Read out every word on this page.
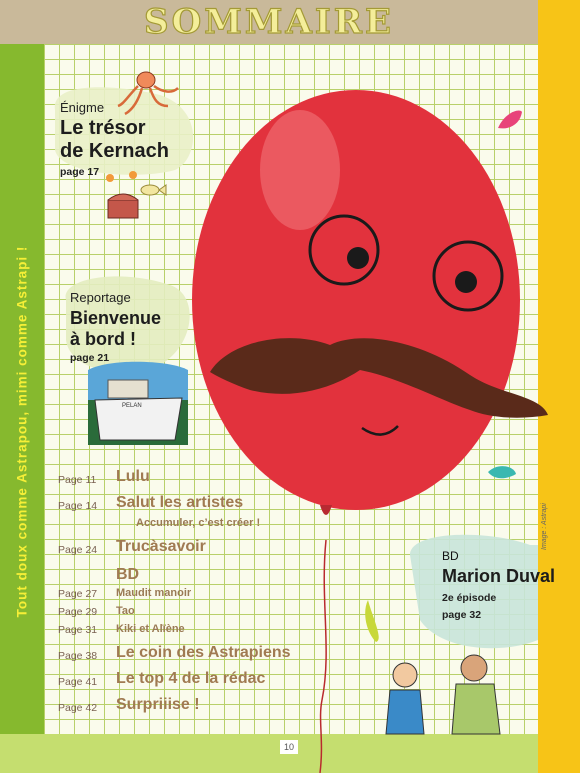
SOMMAIRE
Tout doux comme Astrapou, mimi comme Astrapi !
10
Image : Astrapi
Énigme
Le trésor
de Kernach
page 17
Reportage
Bienvenue
à bord !
page 21
PELAN
BD
Marion Duval
2e épisode
page 32
Page 11 Lulu
Page 14 Salut les artistes
Accumuler, c’est créer !
Page 24 Trucàsavoir
BD
Page 27 Maudit manoir
Page 29 Tao
Page 31 Kiki et Alïène
Page 38 Le coin des Astrapiens
Page 41 Le top 4 de la rédac
Page 42 Surpriiise !
